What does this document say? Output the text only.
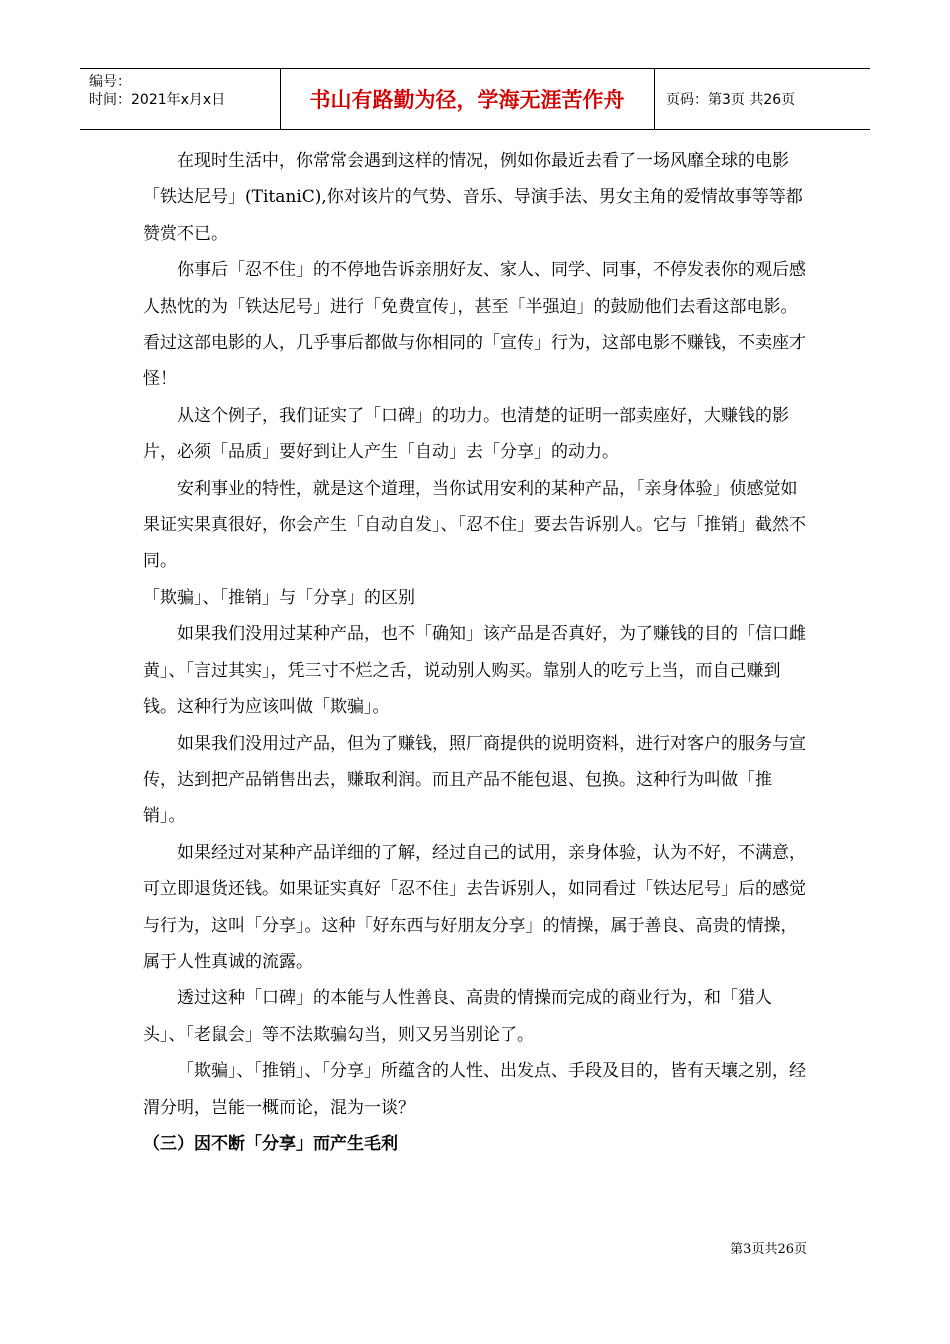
编号：
时间：2021年x月x日	书山有路勤为径，学海无涯苦作舟	页码：第3页 共26页

在现时生活中，你常常会遇到这样的情况，例如你最近去看了一场风靡全球的电影「铁达尼号」(TitaniC),你对该片的气势、音乐、导演手法、男女主角的爱情故事等等都赞赏不已。

你事后「忍不住」的不停地告诉亲朋好友、家人、同学、同事，不停发表你的观后感人热忱的为「铁达尼号」进行「免费宣传」，甚至「半强迫」的鼓励他们去看这部电影。看过这部电影的人，几乎事后都做与你相同的「宣传」行为，这部电影不赚钱，不卖座才怪！

从这个例子，我们证实了「口碑」的功力。也清楚的证明一部卖座好，大赚钱的影片，必须「品质」要好到让人产生「自动」去「分享」的动力。

安利事业的特性，就是这个道理，当你试用安利的某种产品，「亲身体验」侦感觉如果证实果真很好，你会产生「自动自发」、「忍不住」要去告诉别人。它与「推销」截然不同。

「欺骗」、「推销」与「分享」的区别

如果我们没用过某种产品，也不「确知」该产品是否真好，为了赚钱的目的「信口雌黄」、「言过其实」，凭三寸不烂之舌，说动别人购买。靠别人的吃亏上当，而自己赚到钱。这种行为应该叫做「欺骗」。

如果我们没用过产品，但为了赚钱，照厂商提供的说明资料，进行对客户的服务与宣传，达到把产品销售出去，赚取利润。而且产品不能包退、包换。这种行为叫做「推销」。

如果经过对某种产品详细的了解，经过自己的试用，亲身体验，认为不好，不满意，可立即退货还钱。如果证实真好「忍不住」去告诉别人，如同看过「铁达尼号」后的感觉与行为，这叫「分享」。这种「好东西与好朋友分享」的情操，属于善良、高贵的情操，属于人性真诚的流露。

透过这种「口碑」的本能与人性善良、高贵的情操而完成的商业行为，和「猎人头」、「老鼠会」等不法欺骗勾当，则又另当别论了。

「欺骗」、「推销」、「分享」所蕴含的人性、出发点、手段及目的，皆有天壤之别，经渭分明，岂能一概而论，混为一谈？

（三）因不断「分享」而产生毛利

第3页共26页
